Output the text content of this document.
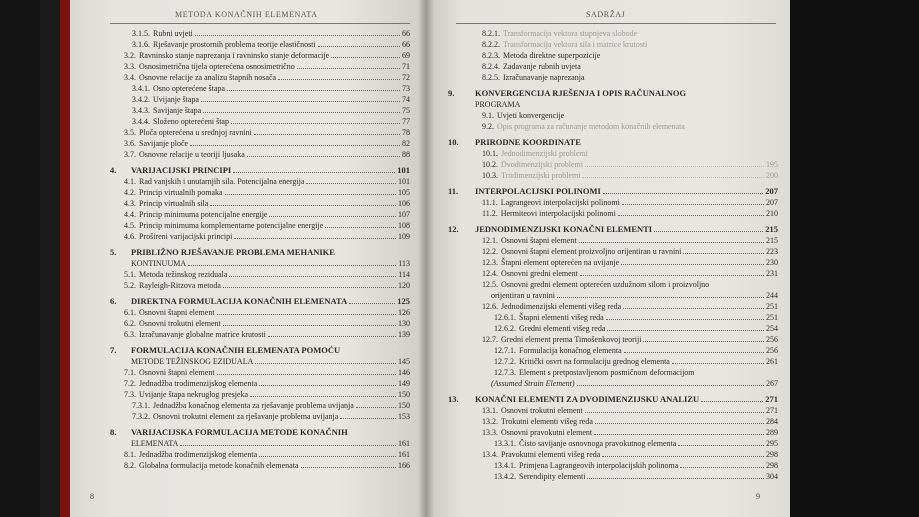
METODA KONAČNIH ELEMENATA
3.1.5. Rubni uvjeti	66
3.1.6. Rješavanje prostornih problema teorije elastičnosti	66
3.2. Ravninsko stanje naprezanja i ravninsko stanje deformacije	69
3.3. Osnosimetrična tijela opterećena osnosimetrično	71
3.4. Osnovne relacije za analizu štapnih nosača	72
3.4.1. Osno opterećene štapa	73
3.4.2. Uvijanje štapa	74
3.4.3. Savijanje štapa	75
3.4.4. Složeno opterećeni štap	77
3.5. Ploča opterećena u srednjoj ravnini	78
3.6. Savijanje ploče	82
3.7. Osnovne relacije u teoriji ljusaka	88
4.	VARIJACIJSKI PRINCIPI	101
4.1. Rad vanjskih i unutarnjih sila. Potencijalna energija	101
4.2. Princip virtualnih pomaka	105
4.3. Princip virtualnih sila	106
4.4. Princip minimuma potencijalne energije	107
4.5. Princip minimuma komplementarne potencijalne energije	108
4.6. Prošireni varijacijski principi	109
5.	PRIBLIŽNO RJEŠAVANJE PROBLEMA MEHANIKE
KONTINUUMA	113
5.1. Metoda težinskog reziduala	114
5.2. Rayleigh-Ritzova metoda	120
6.	DIREKTNA FORMULACIJA KONAČNIH ELEMENATA	125
6.1. Osnovni štapni element	126
6.2. Osnovni trokutni element	130
6.3. Izračunavanje globalne matrice krutosti	139
7.	FORMULACIJA KONAČNIH ELEMENATA POMOĆU
METODE TEŽINSKOG EZIDUALA	145
7.1. Osnovni štapni element	146
7.2. Jednadžba trodimenzijskog elementa	149
7.3. Uvijanje štapa nekruglog presjeka	150
7.3.1. Jednadžba konačnog elementa za rješavanje problema uvijanja	150
7.3.2. Osnovni trokutni element za rješavanje problema uvijanja	153
8.	VARIJACIJSKA FORMULACIJA METODE KONAČNIH
ELEMENATA	161
8.1. Jednadžba trodimenzijskog elementa	161
8.2. Globalna formulacija metode konačnih elemenata	166
8
SADRŽAJ
8.2.1. Transformacija vektora stupnjeva slobode
8.2.2. Transformacija vektora sila i matrice krutosti
8.2.3. Metoda direktne superpozicije
8.2.4. Zadavanje rubnih uvjeta
8.2.5. Izračunavanje naprezanja
9.	KONVERGENCIJA RJEŠENJA I OPIS RAČUNALNOG
PROGRAMA
9.1. Uvjeti konvergencije
9.2. Opis programa za računanje metodom konačnih elemenata
10.	PRIRODNE KOORDINATE
10.1. Jednodimenzijski problemi
10.2. Dvodimenzijski problemi	195
10.3. Trodimenzijski problemi	200
11.	INTERPOLACIJSKI POLINOMI	207
11.1. Lagrangeovi interpolacijski polinomi	207
11.2. Hermiteovi interpolacijski polinomi	210
12.	JEDNODIMENZIJSKI KONAČNI ELEMENTI	215
12.1. Osnovni štapni element	215
12.2. Osnovni štapni element proizvoljno orijentiran u ravnini	223
12.3. Štapni element opterećen na uvijanje	230
12.4. Osnovni gredni element	231
12.5. Osnovni gredni element opterećen uzdužnom silom i proizvoljno
orijentiran u ravnini	244
12.6. Jednodimenzijski elementi višeg reda	251
12.6.1. Štapni elementi višeg reda	251
12.6.2. Gredni elementi višeg reda	254
12.7. Gredni element prema Timošenkovoj teoriji	256
12.7.1. Formulacija konačnog elementa	256
12.7.2. Kritički osvrt na formulaciju grednog elementa	261
12.7.3. Element s pretpostavljenom posmičnom deformacijom
(Assumed Strain Element)	267
13.	KONAČNI ELEMENTI ZA DVODIMENZIJSKU ANALIZU	271
13.1. Osnovni trokutni element	271
13.2. Trokutni elementi višeg reda	284
13.3. Osnovni pravokutni element	289
13.3.1. Čisto savijanje osnovnoga pravokutnog elementa	295
13.4. Pravokutni elementi višeg reda	298
13.4.1. Primjena Lagrangeovih interpolacijskih polinoma	298
13.4.2. Serendipity elementi	304
9
